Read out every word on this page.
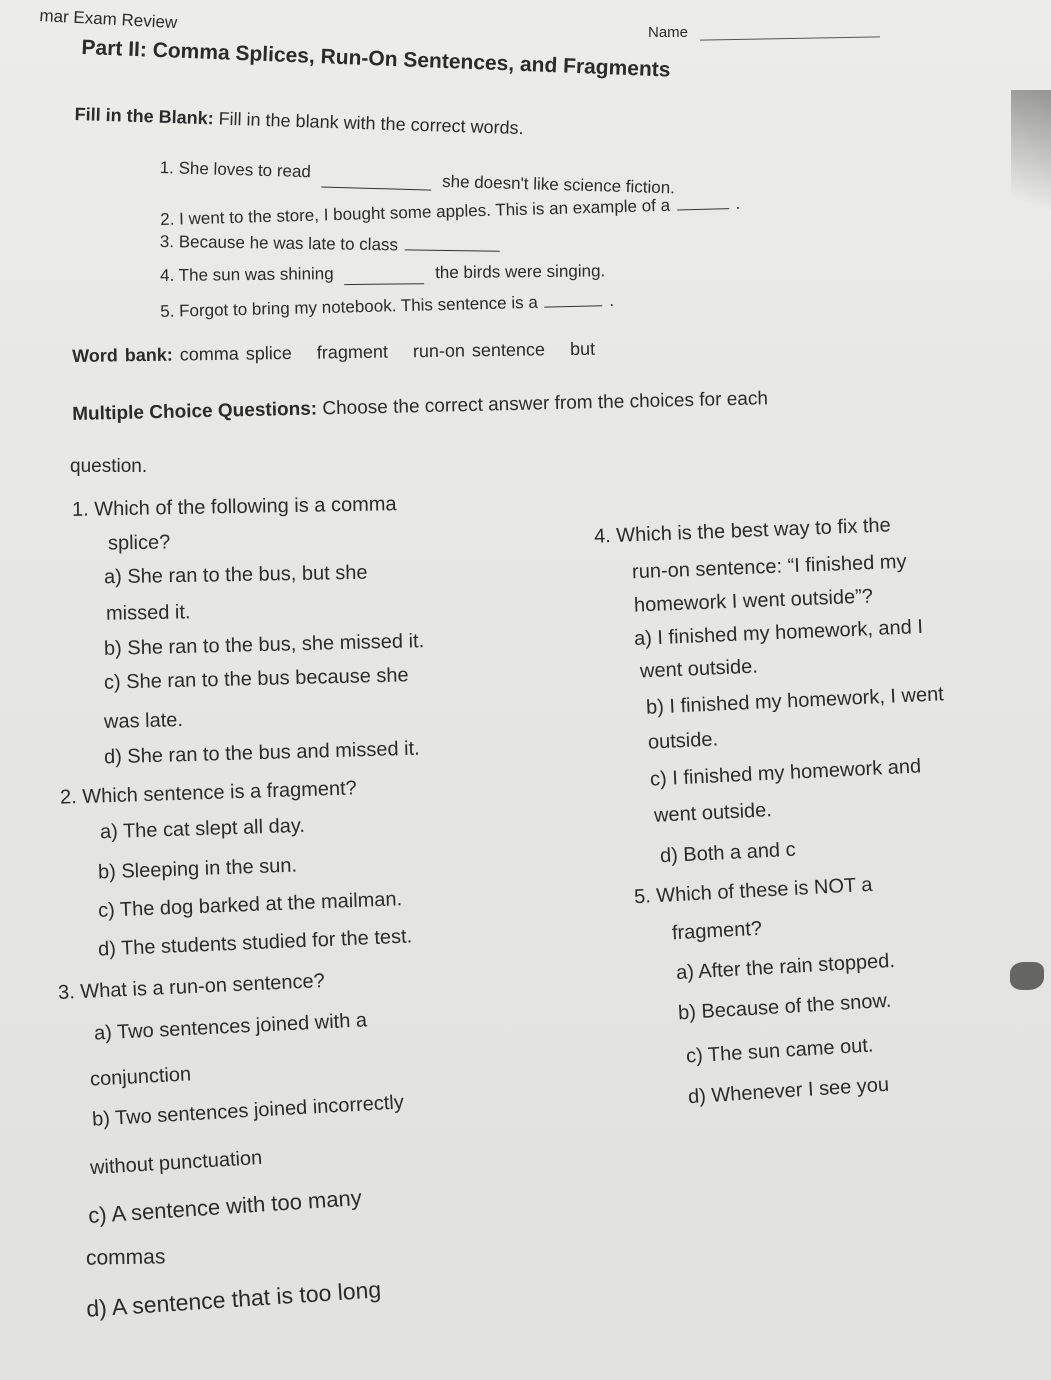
mar Exam Review
Name
Part II: Comma Splices, Run-On Sentences, and Fragments
Fill in the Blank: Fill in the blank with the correct words.
1. She loves to read  she doesn't like science fiction.
2. I went to the store, I bought some apples. This is an example of a	.
3. Because he was late to class
4. The sun was shining	the birds were singing.
5. Forgot to bring my notebook. This sentence is a	.
Word bank: comma splice fragment run-on sentence but
Multiple Choice Questions: Choose the correct answer from the choices for each
question.
1. Which of the following is a comma
splice?
a) She ran to the bus, but she
missed it.
b) She ran to the bus, she missed it.
c) She ran to the bus because she
was late.
d) She ran to the bus and missed it.
2. Which sentence is a fragment?
a) The cat slept all day.
b) Sleeping in the sun.
c) The dog barked at the mailman.
d) The students studied for the test.
3. What is a run-on sentence?
a) Two sentences joined with a
conjunction
b) Two sentences joined incorrectly
without punctuation
c) A sentence with too many
commas
d) A sentence that is too long
4. Which is the best way to fix the
run-on sentence: “I finished my
homework I went outside”?
a) I finished my homework, and I
went outside.
b) I finished my homework, I went
outside.
c) I finished my homework and
went outside.
d) Both a and c
5. Which of these is NOT a
fragment?
a) After the rain stopped.
b) Because of the snow.
c) The sun came out.
d) Whenever I see you
